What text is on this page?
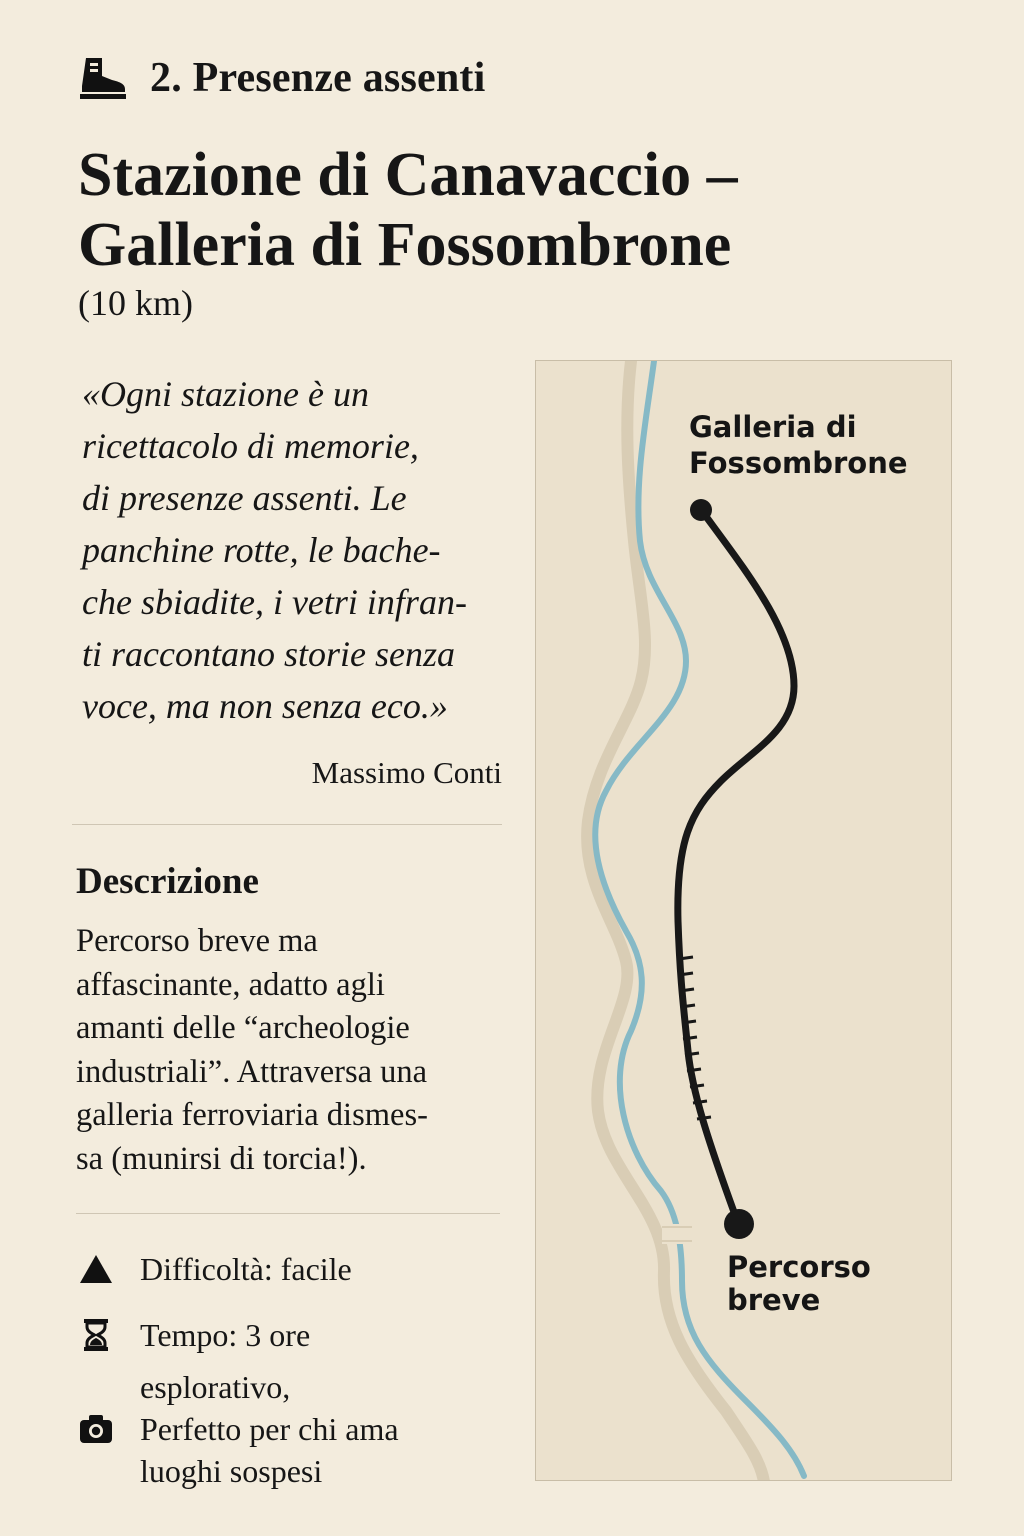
2. Presenze assenti
Stazione di Canavaccio –
Galleria di Fossombrone
(10 km)

«Ogni stazione è un
ricettacolo di memorie,
di presenze assenti. Le
panchine rotte, le bache-
che sbiadite, i vetri infran-
ti raccontano storie senza
voce, ma non senza eco.»

Massimo Conti
Descrizione

Percorso breve ma
affascinante, adatto agli
amanti delle “archeologie
industriali”. Attraversa una
galleria ferroviaria dismes-
sa (munirsi di torcia!).

Difficoltà: facile
Tempo: 3 ore
esplorativo,
Perfetto per chi ama
luoghi sospesi
Galleria di
Fossombrone
Percorso
breve
